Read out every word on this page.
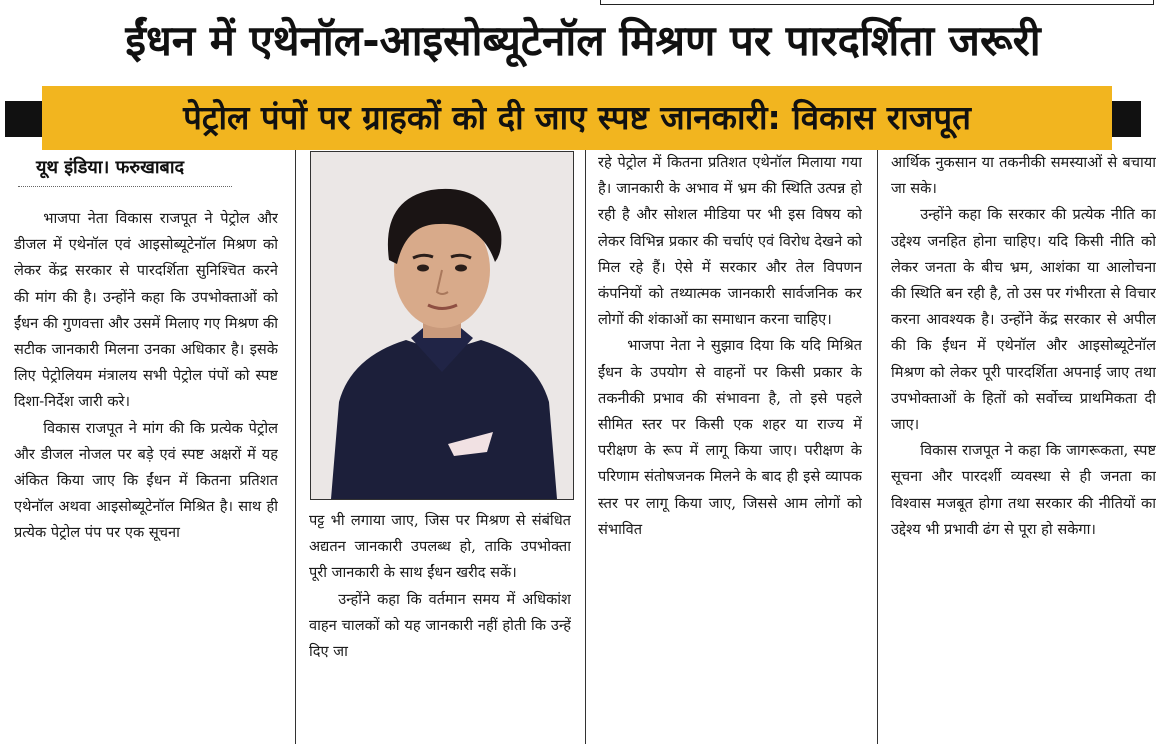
ईंधन में एथेनॉल-आइसोब्यूटेनॉल मिश्रण पर पारदर्शिता जरूरी
पेट्रोल पंपों पर ग्राहकों को दी जाए स्पष्ट जानकारी: विकास राजपूत
यूथ इंडिया। फरुखाबाद

भाजपा नेता विकास राजपूत ने पेट्रोल और डीजल में एथेनॉल एवं आइसोब्यूटेनॉल मिश्रण को लेकर केंद्र सरकार से पारदर्शिता सुनिश्चित करने की मांग की है। उन्होंने कहा कि उपभोक्ताओं को ईंधन की गुणवत्ता और उसमें मिलाए गए मिश्रण की सटीक जानकारी मिलना उनका अधिकार है। इसके लिए पेट्रोलियम मंत्रालय सभी पेट्रोल पंपों को स्पष्ट दिशा-निर्देश जारी करे।

विकास राजपूत ने मांग की कि प्रत्येक पेट्रोल और डीजल नोजल पर बड़े एवं स्पष्ट अक्षरों में यह अंकित किया जाए कि ईंधन में कितना प्रतिशत एथेनॉल अथवा आइसोब्यूटेनॉल मिश्रित है। साथ ही प्रत्येक पेट्रोल पंप पर एक सूचना

पट्ट भी लगाया जाए, जिस पर मिश्रण से संबंधित अद्यतन जानकारी उपलब्ध हो, ताकि उपभोक्ता पूरी जानकारी के साथ ईंधन खरीद सकें।

उन्होंने कहा कि वर्तमान समय में अधिकांश वाहन चालकों को यह जानकारी नहीं होती कि उन्हें दिए जा

रहे पेट्रोल में कितना प्रतिशत एथेनॉल मिलाया गया है। जानकारी के अभाव में भ्रम की स्थिति उत्पन्न हो रही है और सोशल मीडिया पर भी इस विषय को लेकर विभिन्न प्रकार की चर्चाएं एवं विरोध देखने को मिल रहे हैं। ऐसे में सरकार और तेल विपणन कंपनियों को तथ्यात्मक जानकारी सार्वजनिक कर लोगों की शंकाओं का समाधान करना चाहिए।

भाजपा नेता ने सुझाव दिया कि यदि मिश्रित ईंधन के उपयोग से वाहनों पर किसी प्रकार के तकनीकी प्रभाव की संभावना है, तो इसे पहले सीमित स्तर पर किसी एक शहर या राज्य में परीक्षण के रूप में लागू किया जाए। परीक्षण के परिणाम संतोषजनक मिलने के बाद ही इसे व्यापक स्तर पर लागू किया जाए, जिससे आम लोगों को संभावित

आर्थिक नुकसान या तकनीकी समस्याओं से बचाया जा सके।

उन्होंने कहा कि सरकार की प्रत्येक नीति का उद्देश्य जनहित होना चाहिए। यदि किसी नीति को लेकर जनता के बीच भ्रम, आशंका या आलोचना की स्थिति बन रही है, तो उस पर गंभीरता से विचार करना आवश्यक है। उन्होंने केंद्र सरकार से अपील की कि ईंधन में एथेनॉल और आइसोब्यूटेनॉल मिश्रण को लेकर पूरी पारदर्शिता अपनाई जाए तथा उपभोक्ताओं के हितों को सर्वोच्च प्राथमिकता दी जाए।

विकास राजपूत ने कहा कि जागरूकता, स्पष्ट सूचना और पारदर्शी व्यवस्था से ही जनता का विश्वास मजबूत होगा तथा सरकार की नीतियों का उद्देश्य भी प्रभावी ढंग से पूरा हो सकेगा।
